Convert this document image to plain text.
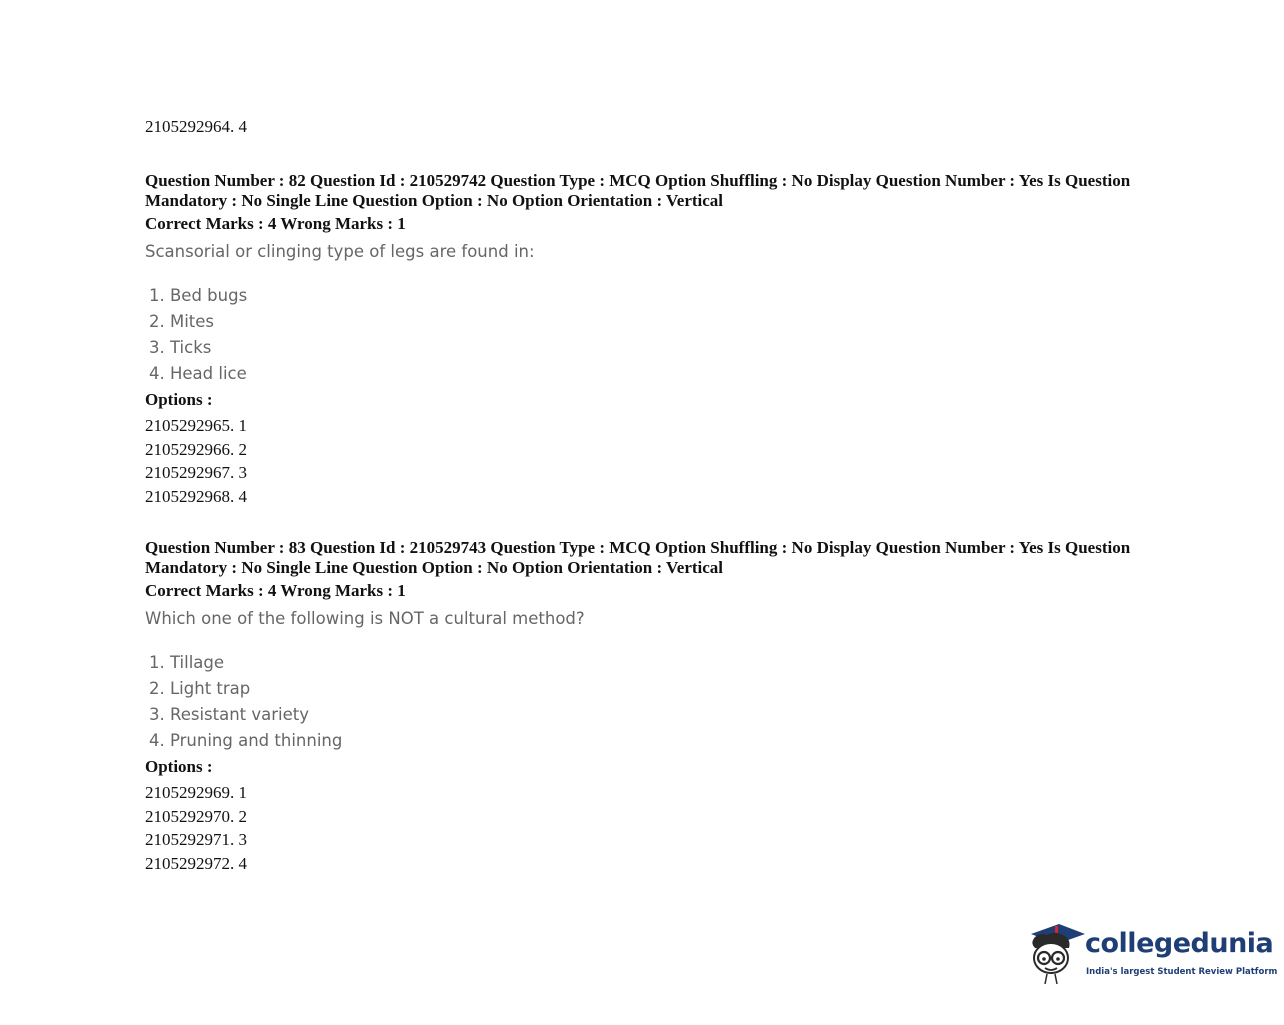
2105292964. 4
Question Number : 82 Question Id : 210529742 Question Type : MCQ Option Shuffling : No Display Question Number : Yes Is Question Mandatory : No Single Line Question Option : No Option Orientation : Vertical
Correct Marks : 4 Wrong Marks : 1
Scansorial or clinging type of legs are found in:
1. Bed bugs
2. Mites
3. Ticks
4. Head lice
Options :
2105292965. 1
2105292966. 2
2105292967. 3
2105292968. 4
Question Number : 83 Question Id : 210529743 Question Type : MCQ Option Shuffling : No Display Question Number : Yes Is Question Mandatory : No Single Line Question Option : No Option Orientation : Vertical
Correct Marks : 4 Wrong Marks : 1
Which one of the following is NOT a cultural method?
1. Tillage
2. Light trap
3. Resistant variety
4. Pruning and thinning
Options :
2105292969. 1
2105292970. 2
2105292971. 3
2105292972. 4
collegedunia
India's largest Student Review Platform
